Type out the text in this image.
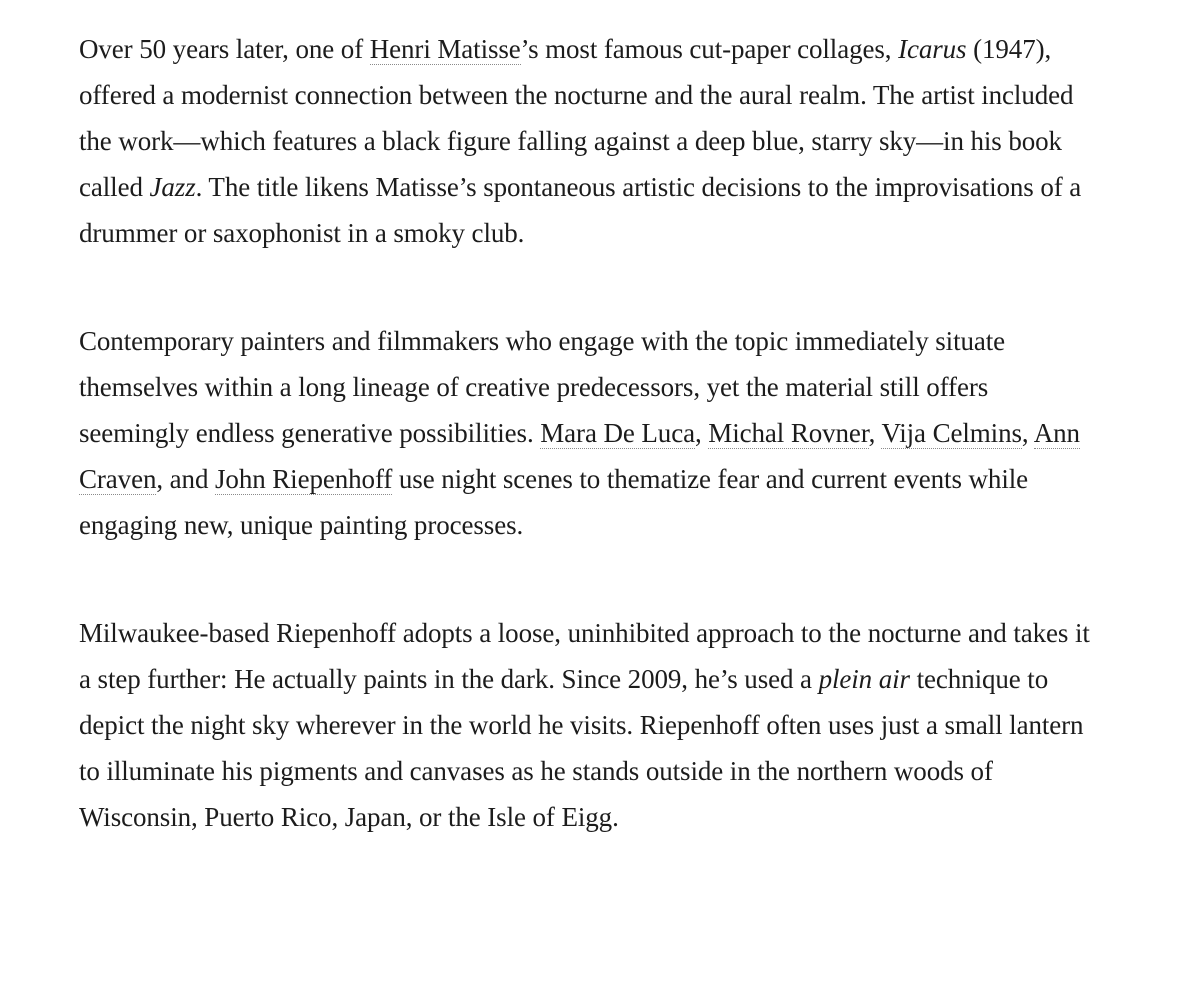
Over 50 years later, one of Henri Matisse’s most famous cut-paper collages, Icarus (1947), offered a modernist connection between the nocturne and the aural realm. The artist included the work—which features a black figure falling against a deep blue, starry sky—in his book called Jazz. The title likens Matisse’s spontaneous artistic decisions to the improvisations of a drummer or saxophonist in a smoky club.

Contemporary painters and filmmakers who engage with the topic immediately situate themselves within a long lineage of creative predecessors, yet the material still offers seemingly endless generative possibilities. Mara De Luca, Michal Rovner, Vija Celmins, Ann Craven, and John Riepenhoff use night scenes to thematize fear and current events while engaging new, unique painting processes.

Milwaukee-based Riepenhoff adopts a loose, uninhibited approach to the nocturne and takes it a step further: He actually paints in the dark. Since 2009, he’s used a plein air technique to depict the night sky wherever in the world he visits. Riepenhoff often uses just a small lantern to illuminate his pigments and canvases as he stands outside in the northern woods of Wisconsin, Puerto Rico, Japan, or the Isle of Eigg.
